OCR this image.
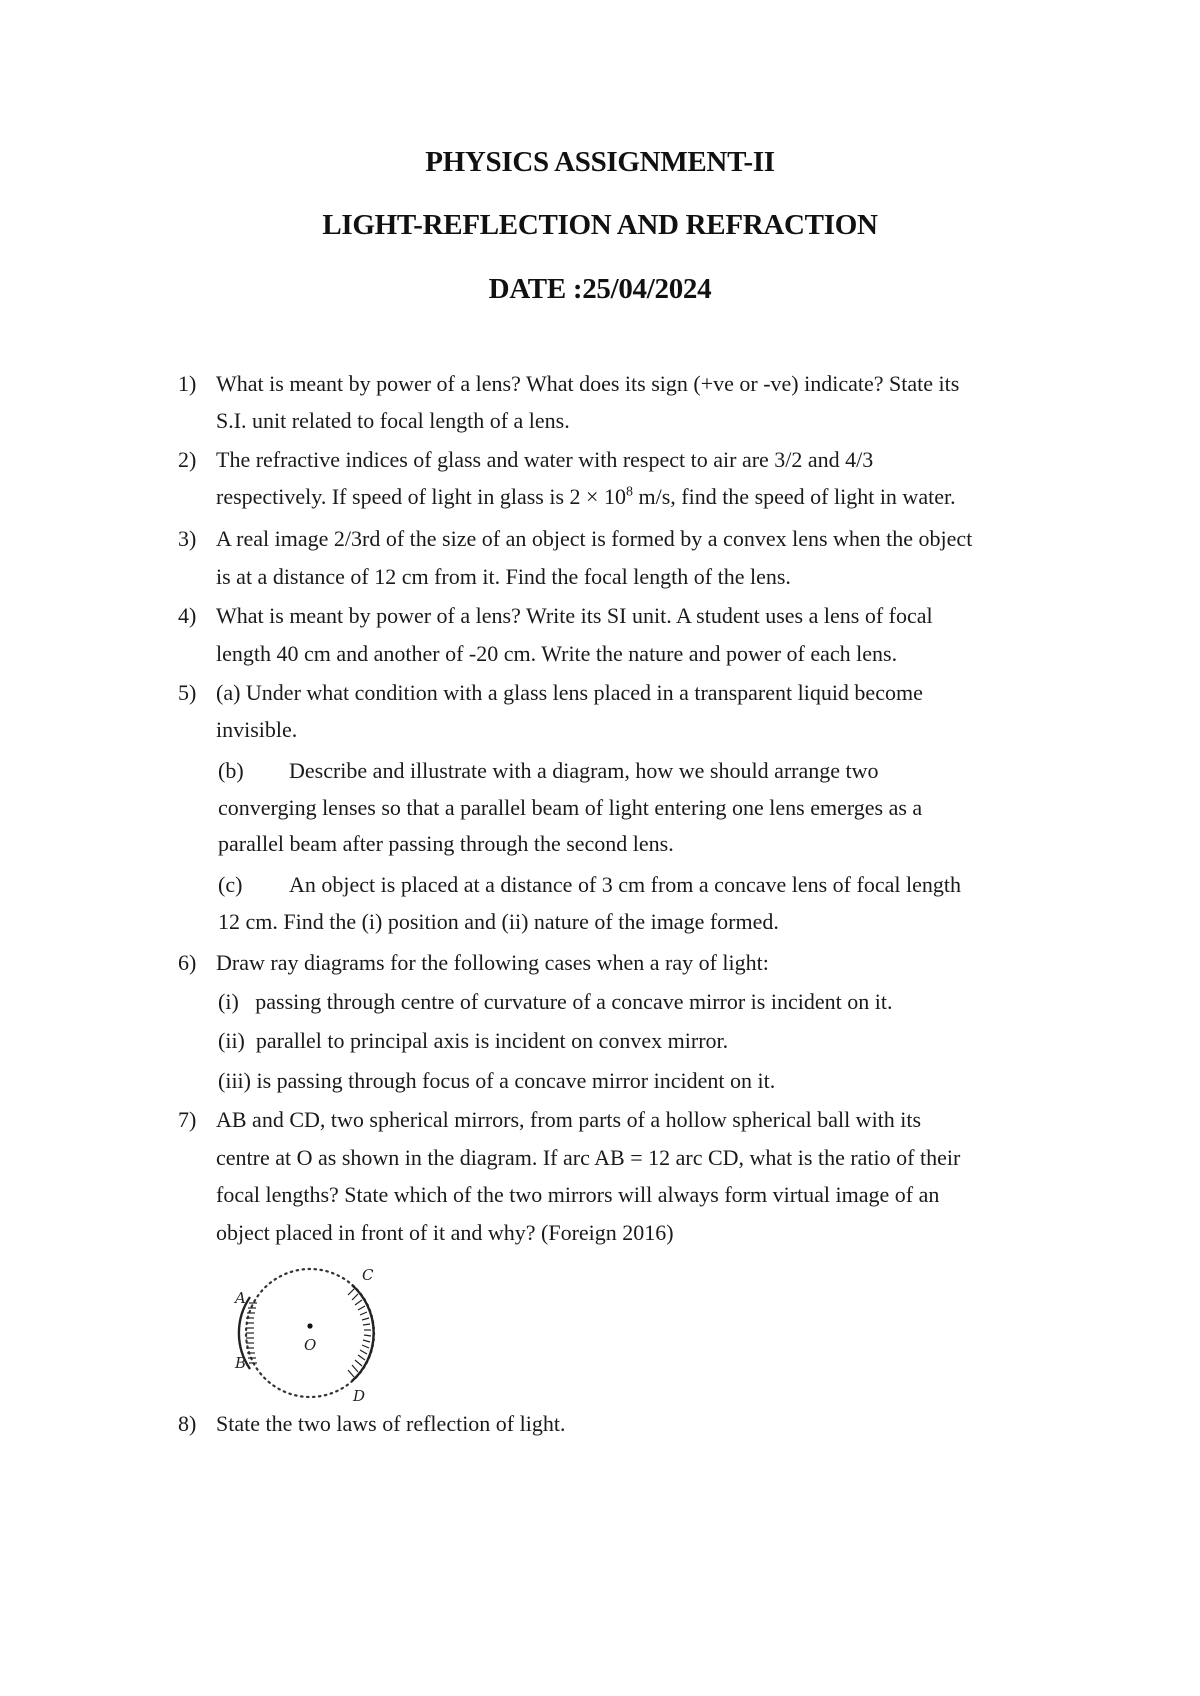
PHYSICS ASSIGNMENT-II
LIGHT-REFLECTION AND REFRACTION
DATE :25/04/2024
1) What is meant by power of a lens? What does its sign (+ve or -ve) indicate? State its
S.I. unit related to focal length of a lens.
2) The refractive indices of glass and water with respect to air are 3/2 and 4/3
respectively. If speed of light in glass is $2 \times 10^8$ m/s, find the speed of light in water.
3) A real image 2/3rd of the size of an object is formed by a convex lens when the object
is at a distance of 12 cm from it. Find the focal length of the lens.
4) What is meant by power of a lens? Write its SI unit. A student uses a lens of focal
length 40 cm and another of -20 cm. Write the nature and power of each lens.
5) (a) Under what condition with a glass lens placed in a transparent liquid become
invisible.
(b) Describe and illustrate with a diagram, how we should arrange two
converging lenses so that a parallel beam of light entering one lens emerges as a
parallel beam after passing through the second lens.
(c) An object is placed at a distance of 3 cm from a concave lens of focal length
12 cm. Find the (i) position and (ii) nature of the image formed.
6) Draw ray diagrams for the following cases when a ray of light:
(i)   passing through centre of curvature of a concave mirror is incident on it.
(ii)  parallel to principal axis is incident on convex mirror.
(iii) is passing through focus of a concave mirror incident on it.
7) AB and CD, two spherical mirrors, from parts of a hollow spherical ball with its
centre at O as shown in the diagram. If arc AB = 12 arc CD, what is the ratio of their
focal lengths? State which of the two mirrors will always form virtual image of an
object placed in front of it and why? (Foreign 2016)
O
A
B
C
D
8) State the two laws of reflection of light.
